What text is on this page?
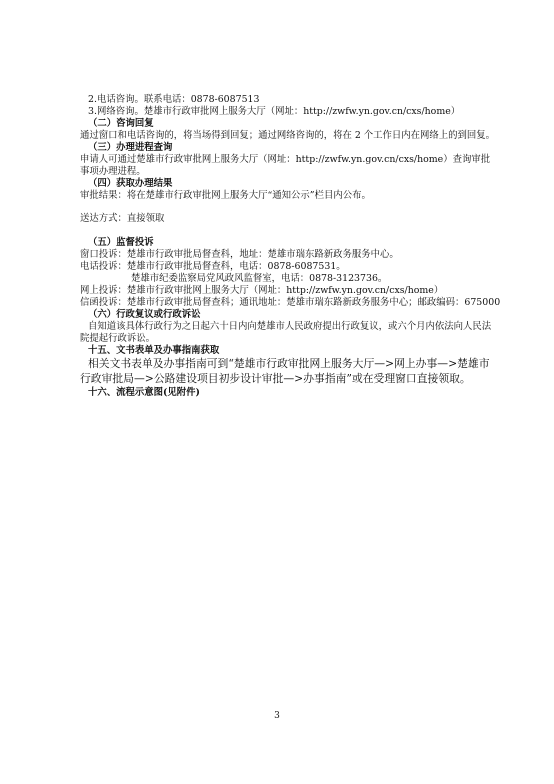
2.电话咨询。联系电话：0878-6087513
3.网络咨询。楚雄市行政审批网上服务大厅（网址：http://zwfw.yn.gov.cn/cxs/home）
（二）咨询回复
通过窗口和电话咨询的，将当场得到回复；通过网络咨询的，将在 2 个工作日内在网络上的到回复。
（三）办理进程查询
申请人可通过楚雄市行政审批网上服务大厅（网址：http://zwfw.yn.gov.cn/cxs/home）查询审批
事项办理进程。
（四）获取办理结果
审批结果：将在楚雄市行政审批网上服务大厅“通知公示”栏目内公布。
送达方式：直接领取
（五）监督投诉
窗口投诉：楚雄市行政审批局督查科，地址：楚雄市瑞东路新政务服务中心。
电话投诉：楚雄市行政审批局督查科，电话：0878-6087531。
楚雄市纪委监察局党风政风监督室，电话：0878-3123736。
网上投诉：楚雄市行政审批网上服务大厅（网址：http://zwfw.yn.gov.cn/cxs/home）
信函投诉：楚雄市行政审批局督查科；通讯地址：楚雄市瑞东路新政务服务中心；邮政编码：675000
（六）行政复议或行政诉讼
自知道该具体行政行为之日起六十日内向楚雄市人民政府提出行政复议，或六个月内依法向人民法
院提起行政诉讼。
十五、文书表单及办事指南获取
相关文书表单及办事指南可到“楚雄市行政审批网上服务大厅—>网上办事—>楚雄市
行政审批局—>公路建设项目初步设计审批—>办事指南”或在受理窗口直接领取。
十六、流程示意图(见附件)
3
